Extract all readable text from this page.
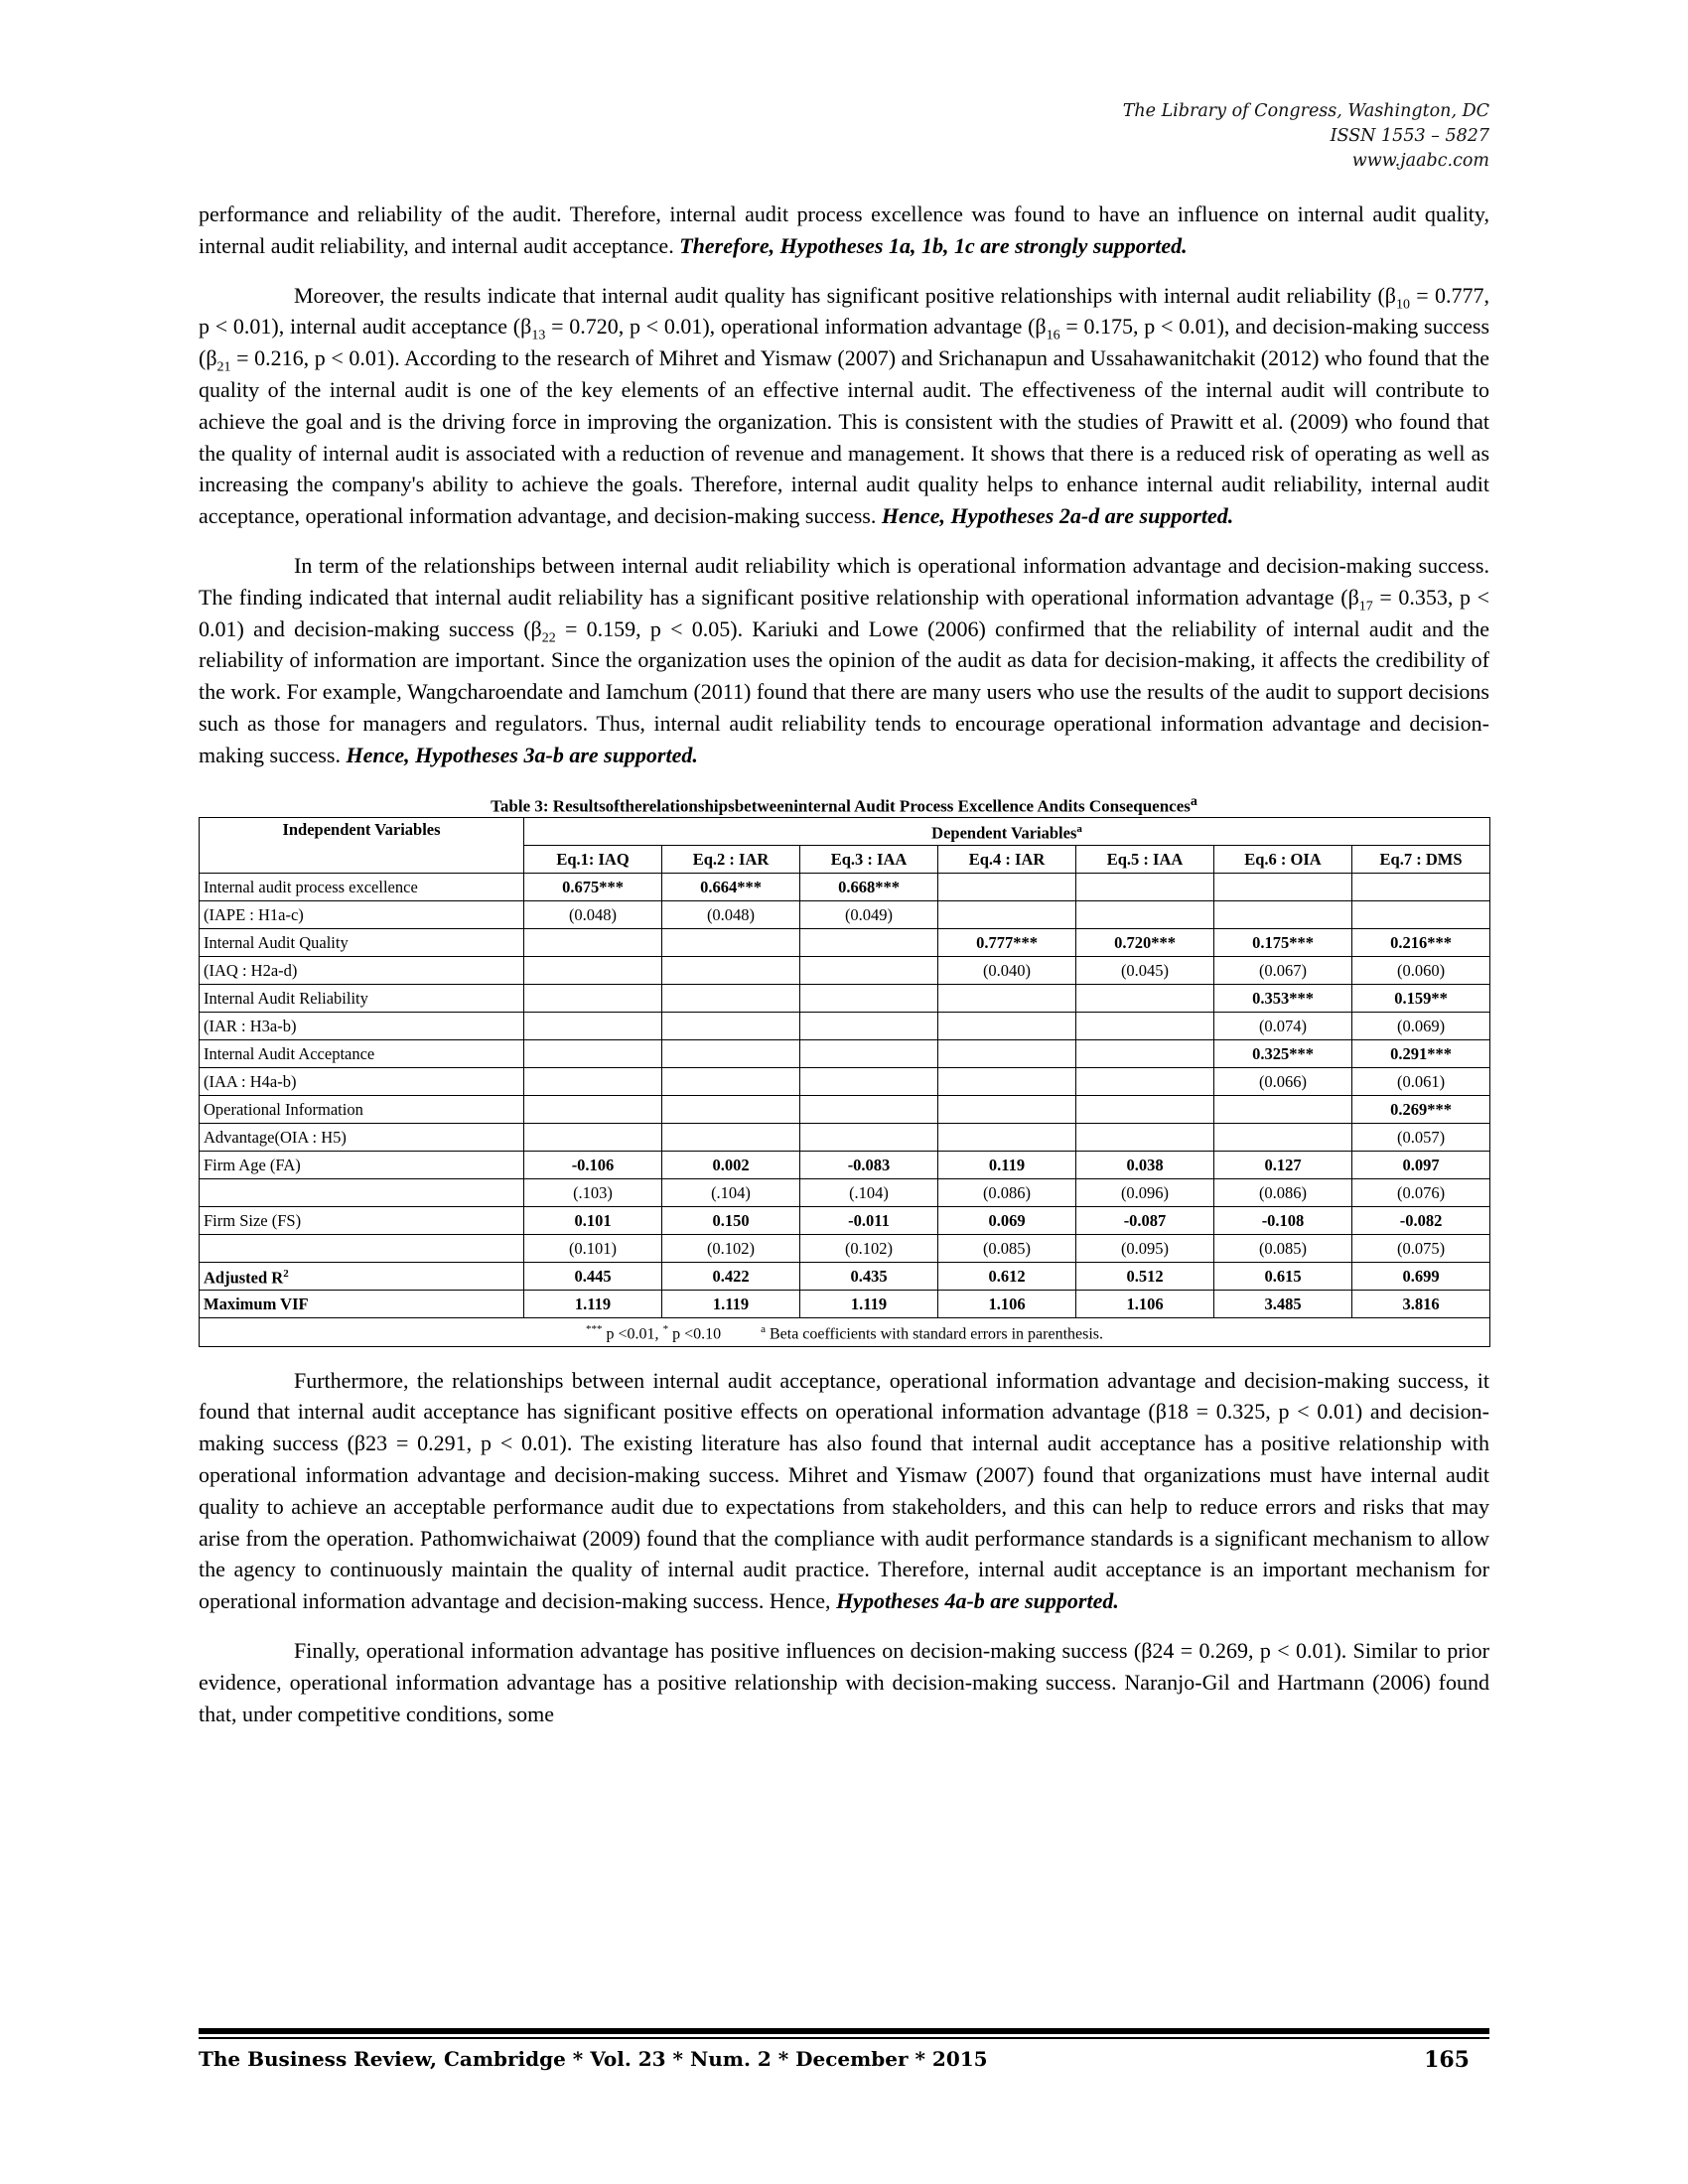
The Library of Congress, Washington, DC
ISSN 1553 – 5827
www.jaabc.com

performance and reliability of the audit. Therefore, internal audit process excellence was found to have an influence on internal audit quality, internal audit reliability, and internal audit acceptance. Therefore, Hypotheses 1a, 1b, 1c are strongly supported.

Moreover, the results indicate that internal audit quality has significant positive relationships with internal audit reliability ($\beta_{10} = 0.777$, p < 0.01), internal audit acceptance ($\beta_{13} = 0.720$, p < 0.01), operational information advantage ($\beta_{16} = 0.175$, p < 0.01), and decision-making success ($\beta_{21} = 0.216$, p < 0.01). According to the research of Mihret and Yismaw (2007) and Srichanapun and Ussahawanitchakit (2012) who found that the quality of the internal audit is one of the key elements of an effective internal audit. The effectiveness of the internal audit will contribute to achieve the goal and is the driving force in improving the organization. This is consistent with the studies of Prawitt et al. (2009) who found that the quality of internal audit is associated with a reduction of revenue and management. It shows that there is a reduced risk of operating as well as increasing the company's ability to achieve the goals. Therefore, internal audit quality helps to enhance internal audit reliability, internal audit acceptance, operational information advantage, and decision-making success. Hence, Hypotheses 2a-d are supported.

In term of the relationships between internal audit reliability which is operational information advantage and decision-making success. The finding indicated that internal audit reliability has a significant positive relationship with operational information advantage ($\beta_{17} = 0.353$, p < 0.01) and decision-making success ($\beta_{22} = 0.159$, p < 0.05). Kariuki and Lowe (2006) confirmed that the reliability of internal audit and the reliability of information are important. Since the organization uses the opinion of the audit as data for decision-making, it affects the credibility of the work. For example, Wangcharoendate and Iamchum (2011) found that there are many users who use the results of the audit to support decisions such as those for managers and regulators. Thus, internal audit reliability tends to encourage operational information advantage and decision-making success. Hence, Hypotheses 3a-b are supported.

Table 3: Resultsoftherelationshipsbetweeninternal Audit Process Excellence Andits Consequences$^a$
Independent Variables	Dependent Variables$^a$
	Eq.1: IAQ	Eq.2 : IAR	Eq.3 : IAA	Eq.4 : IAR	Eq.5 : IAA	Eq.6 : OIA	Eq.7 : DMS
Internal audit process excellence	0.675***	0.664***	0.668***				
(IAPE : H1a-c)	(0.048)	(0.048)	(0.049)				
Internal Audit Quality				0.777***	0.720***	0.175***	0.216***
(IAQ : H2a-d)				(0.040)	(0.045)	(0.067)	(0.060)
Internal Audit Reliability						0.353***	0.159**
(IAR : H3a-b)						(0.074)	(0.069)
Internal Audit Acceptance						0.325***	0.291***
(IAA : H4a-b)						(0.066)	(0.061)
Operational Information							0.269***
Advantage(OIA : H5)							(0.057)
Firm Age (FA)	-0.106	0.002	-0.083	0.119	0.038	0.127	0.097
	(.103)	(.104)	(.104)	(0.086)	(0.096)	(0.086)	(0.076)
Firm Size (FS)	0.101	0.150	-0.011	0.069	-0.087	-0.108	-0.082
	(0.101)	(0.102)	(0.102)	(0.085)	(0.095)	(0.085)	(0.075)
Adjusted $R^2$	0.445	0.422	0.435	0.612	0.512	0.615	0.699
Maximum VIF	1.119	1.119	1.119	1.106	1.106	3.485	3.816
*** p <0.01, * p <0.10 $^a$ Beta coefficients with standard errors in parenthesis.							

Furthermore, the relationships between internal audit acceptance, operational information advantage and decision-making success, it found that internal audit acceptance has significant positive effects on operational information advantage (β18 = 0.325, p < 0.01) and decision-making success (β23 = 0.291, p < 0.01). The existing literature has also found that internal audit acceptance has a positive relationship with operational information advantage and decision-making success. Mihret and Yismaw (2007) found that organizations must have internal audit quality to achieve an acceptable performance audit due to expectations from stakeholders, and this can help to reduce errors and risks that may arise from the operation. Pathomwichaiwat (2009) found that the compliance with audit performance standards is a significant mechanism to allow the agency to continuously maintain the quality of internal audit practice. Therefore, internal audit acceptance is an important mechanism for operational information advantage and decision-making success. Hence, Hypotheses 4a-b are supported.

Finally, operational information advantage has positive influences on decision-making success (β24 = 0.269, p < 0.01). Similar to prior evidence, operational information advantage has a positive relationship with decision-making success. Naranjo-Gil and Hartmann (2006) found that, under competitive conditions, some

The Business Review, Cambridge * Vol. 23 * Num. 2 * December * 2015	165
